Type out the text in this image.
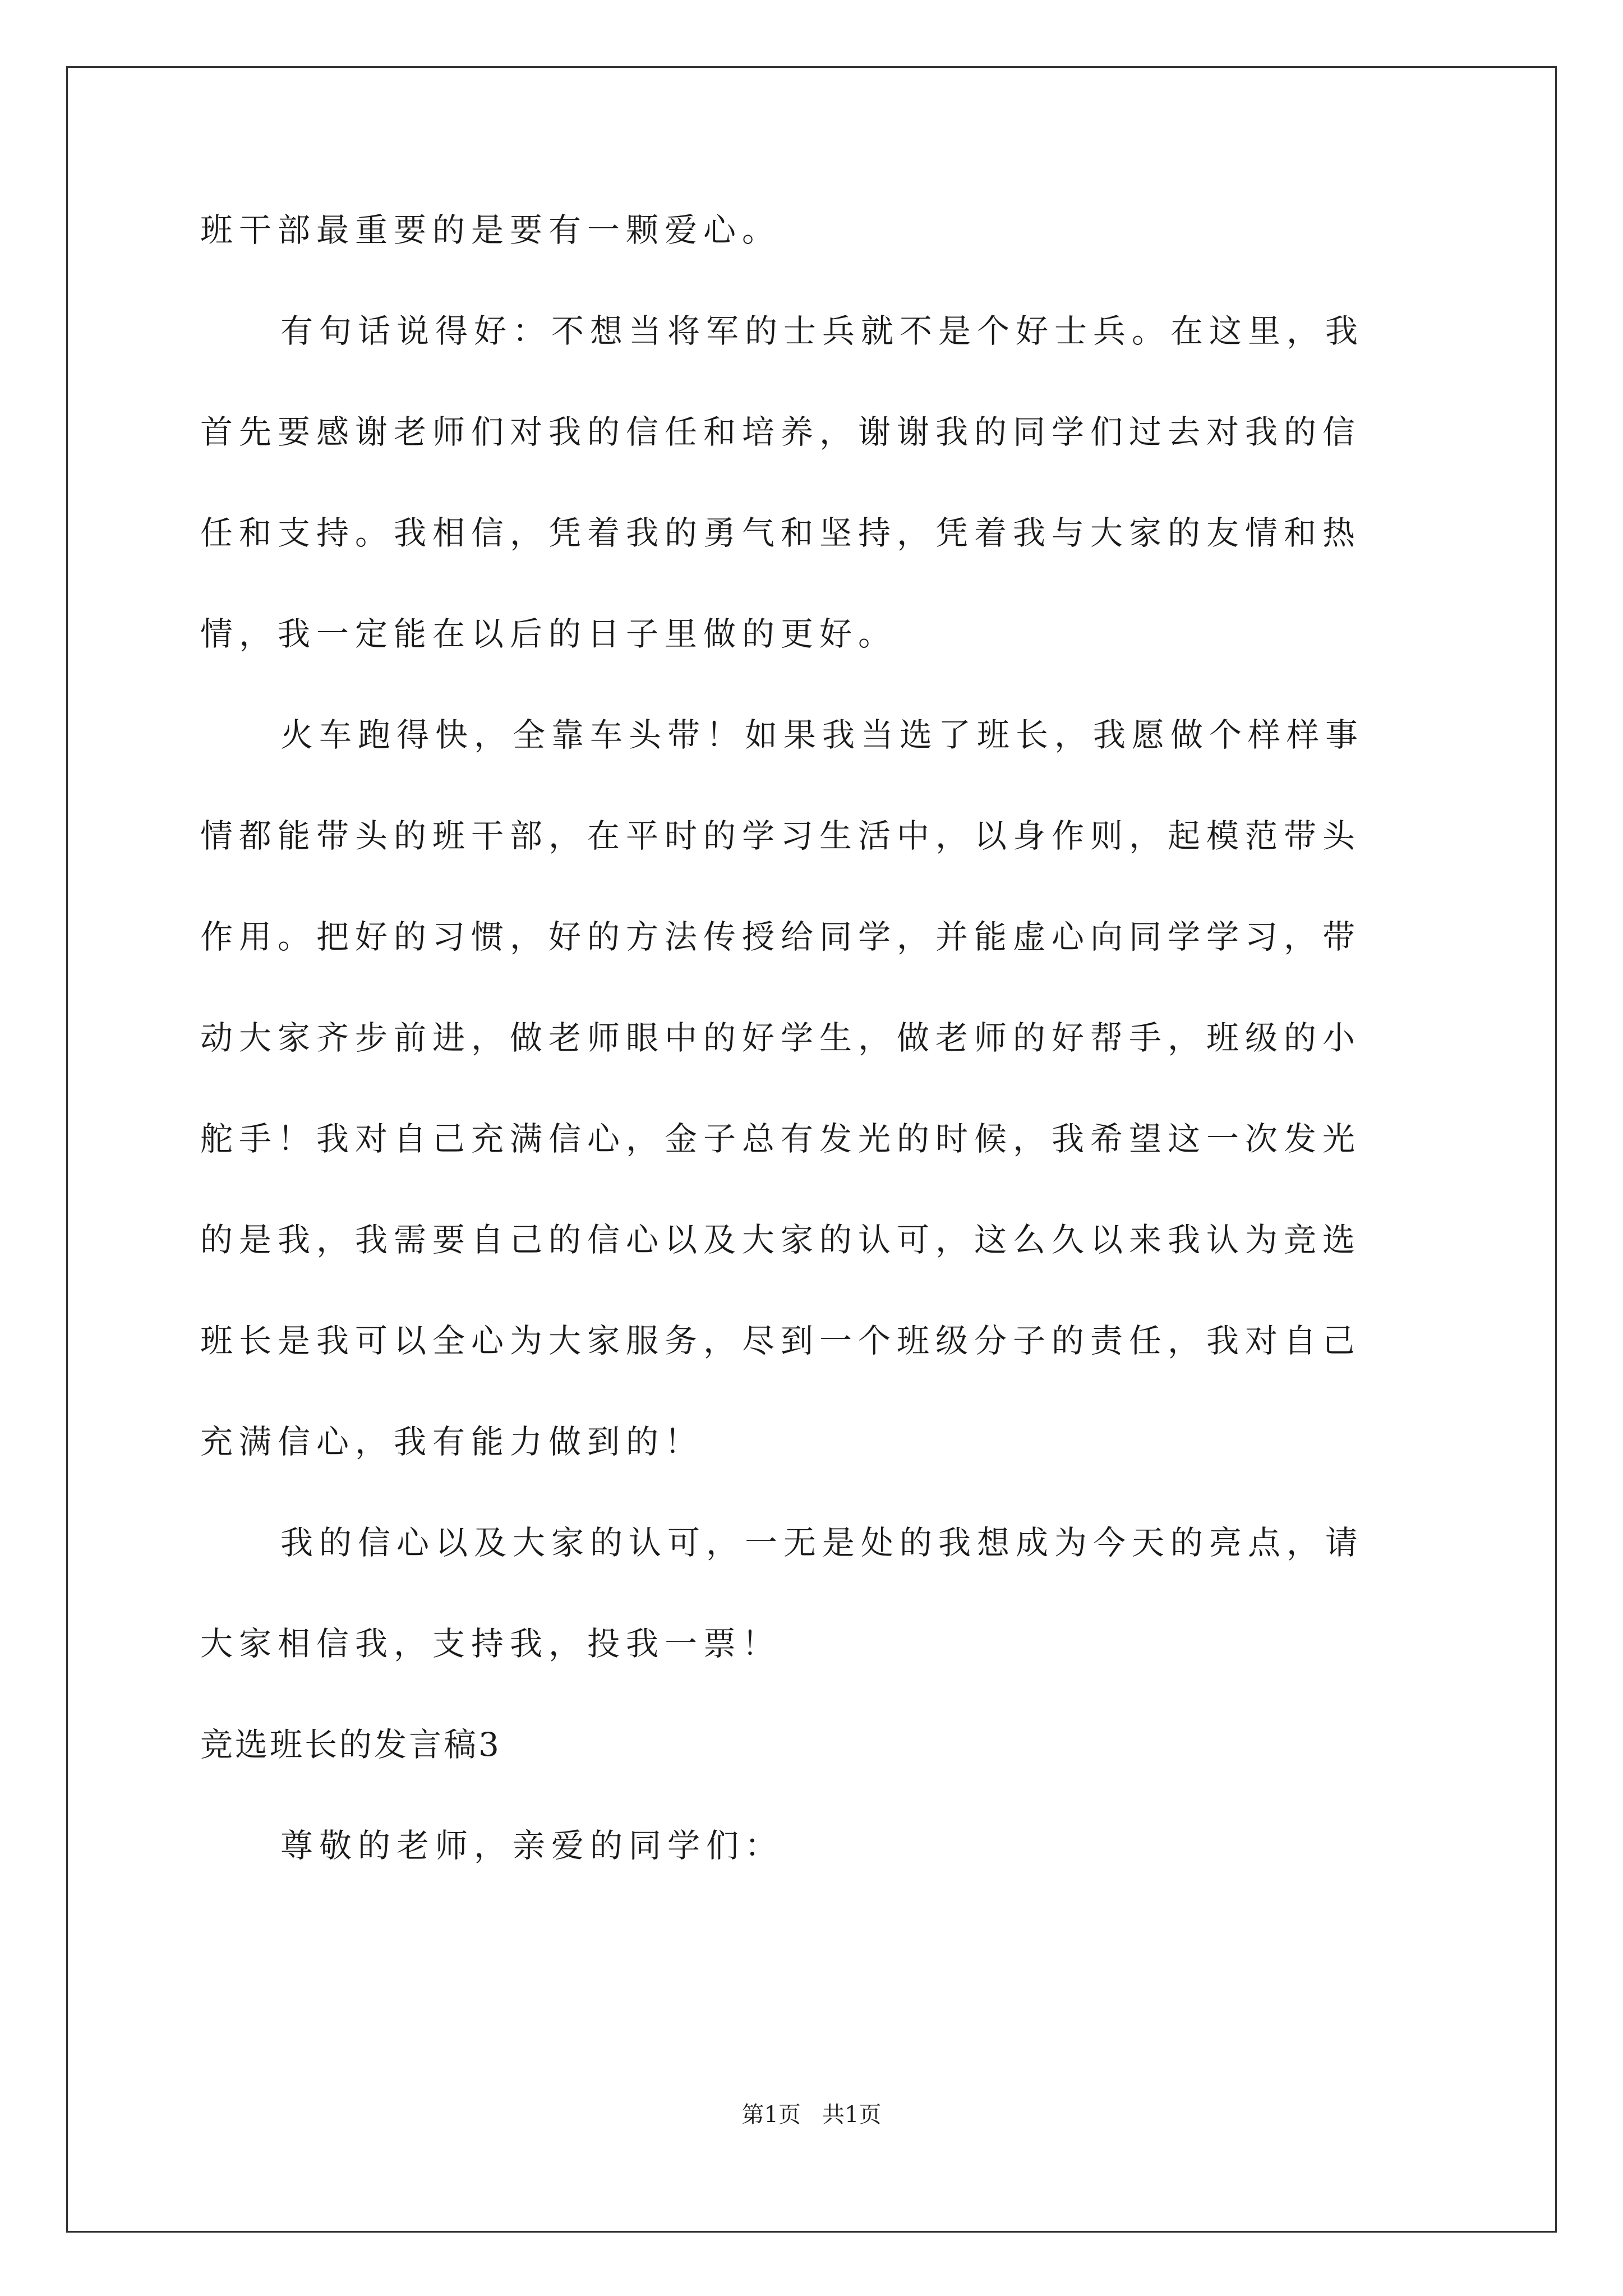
班干部最重要的是要有一颗爱心。
有句话说得好：不想当将军的士兵就不是个好士兵。在这里，我
首先要感谢老师们对我的信任和培养，谢谢我的同学们过去对我的信
任和支持。我相信，凭着我的勇气和坚持，凭着我与大家的友情和热
情，我一定能在以后的日子里做的更好。
火车跑得快，全靠车头带！如果我当选了班长，我愿做个样样事
情都能带头的班干部，在平时的学习生活中，以身作则，起模范带头
作用。把好的习惯，好的方法传授给同学，并能虚心向同学学习，带
动大家齐步前进，做老师眼中的好学生，做老师的好帮手，班级的小
舵手！我对自己充满信心，金子总有发光的时候，我希望这一次发光
的是我，我需要自己的信心以及大家的认可，这么久以来我认为竞选
班长是我可以全心为大家服务，尽到一个班级分子的责任，我对自己
充满信心，我有能力做到的！
我的信心以及大家的认可，一无是处的我想成为今天的亮点，请
大家相信我，支持我，投我一票！
竞选班长的发言稿3
尊敬的老师，亲爱的同学们：
第1页   共1页
